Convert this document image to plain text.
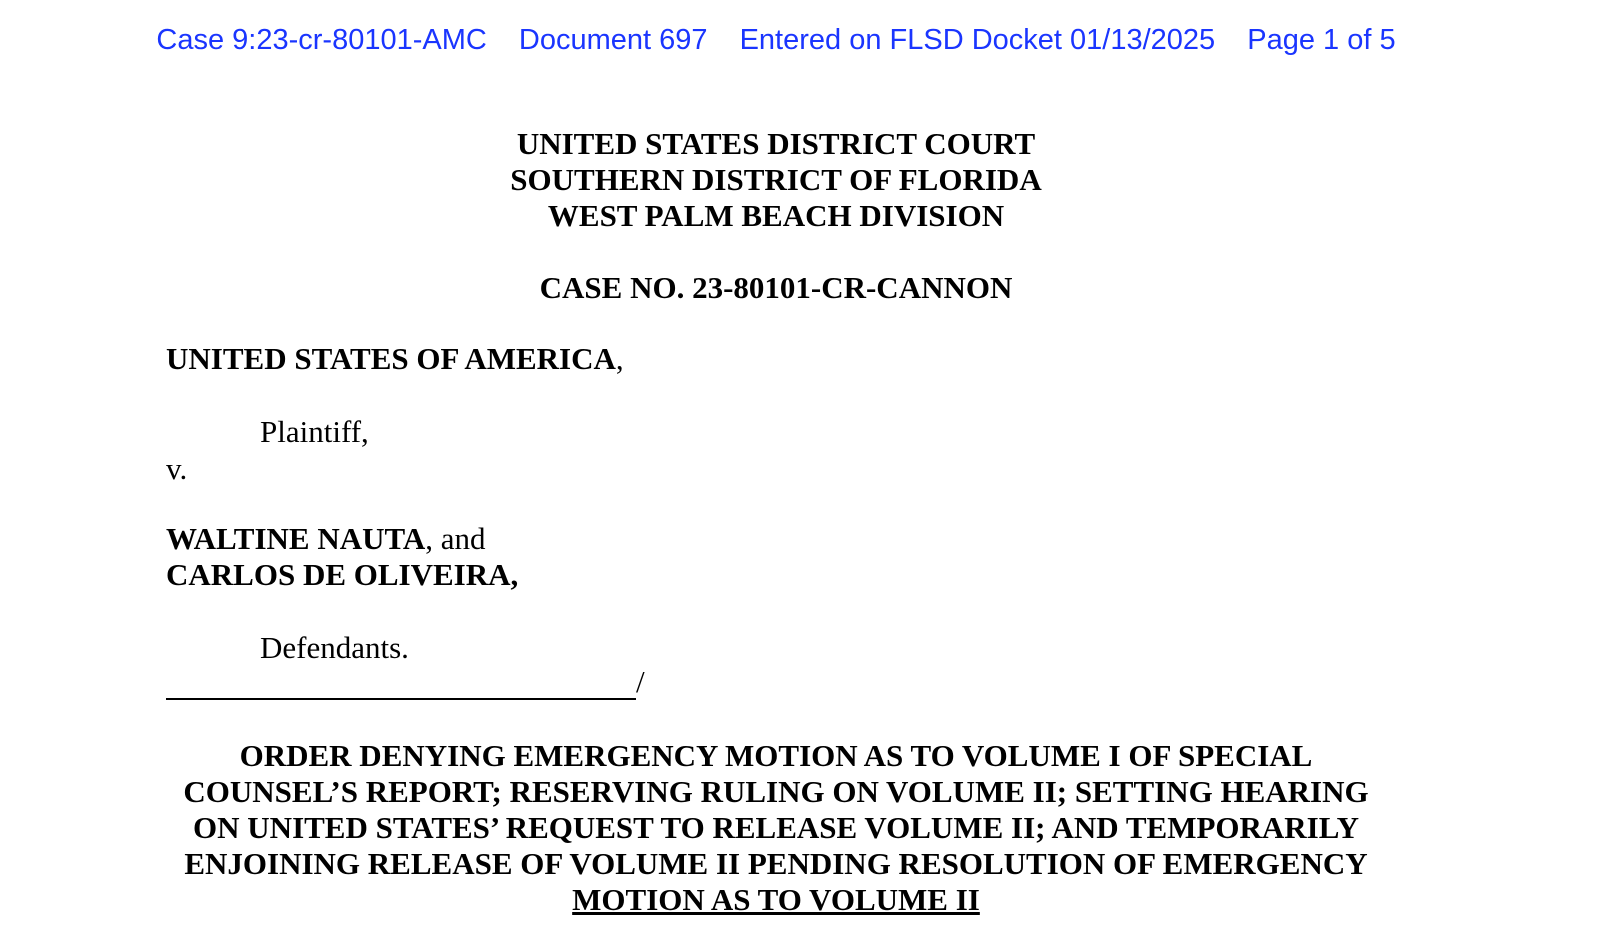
Case 9:23-cr-80101-AMC Document 697 Entered on FLSD Docket 01/13/2025 Page 1 of 5
UNITED STATES DISTRICT COURT
SOUTHERN DISTRICT OF FLORIDA
WEST PALM BEACH DIVISION
CASE NO. 23-80101-CR-CANNON
UNITED STATES OF AMERICA,
Plaintiff,
v.
WALTINE NAUTA, and
CARLOS DE OLIVEIRA,
Defendants.
/
ORDER DENYING EMERGENCY MOTION AS TO VOLUME I OF SPECIAL
COUNSEL’S REPORT; RESERVING RULING ON VOLUME II; SETTING HEARING
ON UNITED STATES’ REQUEST TO RELEASE VOLUME II; AND TEMPORARILY
ENJOINING RELEASE OF VOLUME II PENDING RESOLUTION OF EMERGENCY
MOTION AS TO VOLUME II
